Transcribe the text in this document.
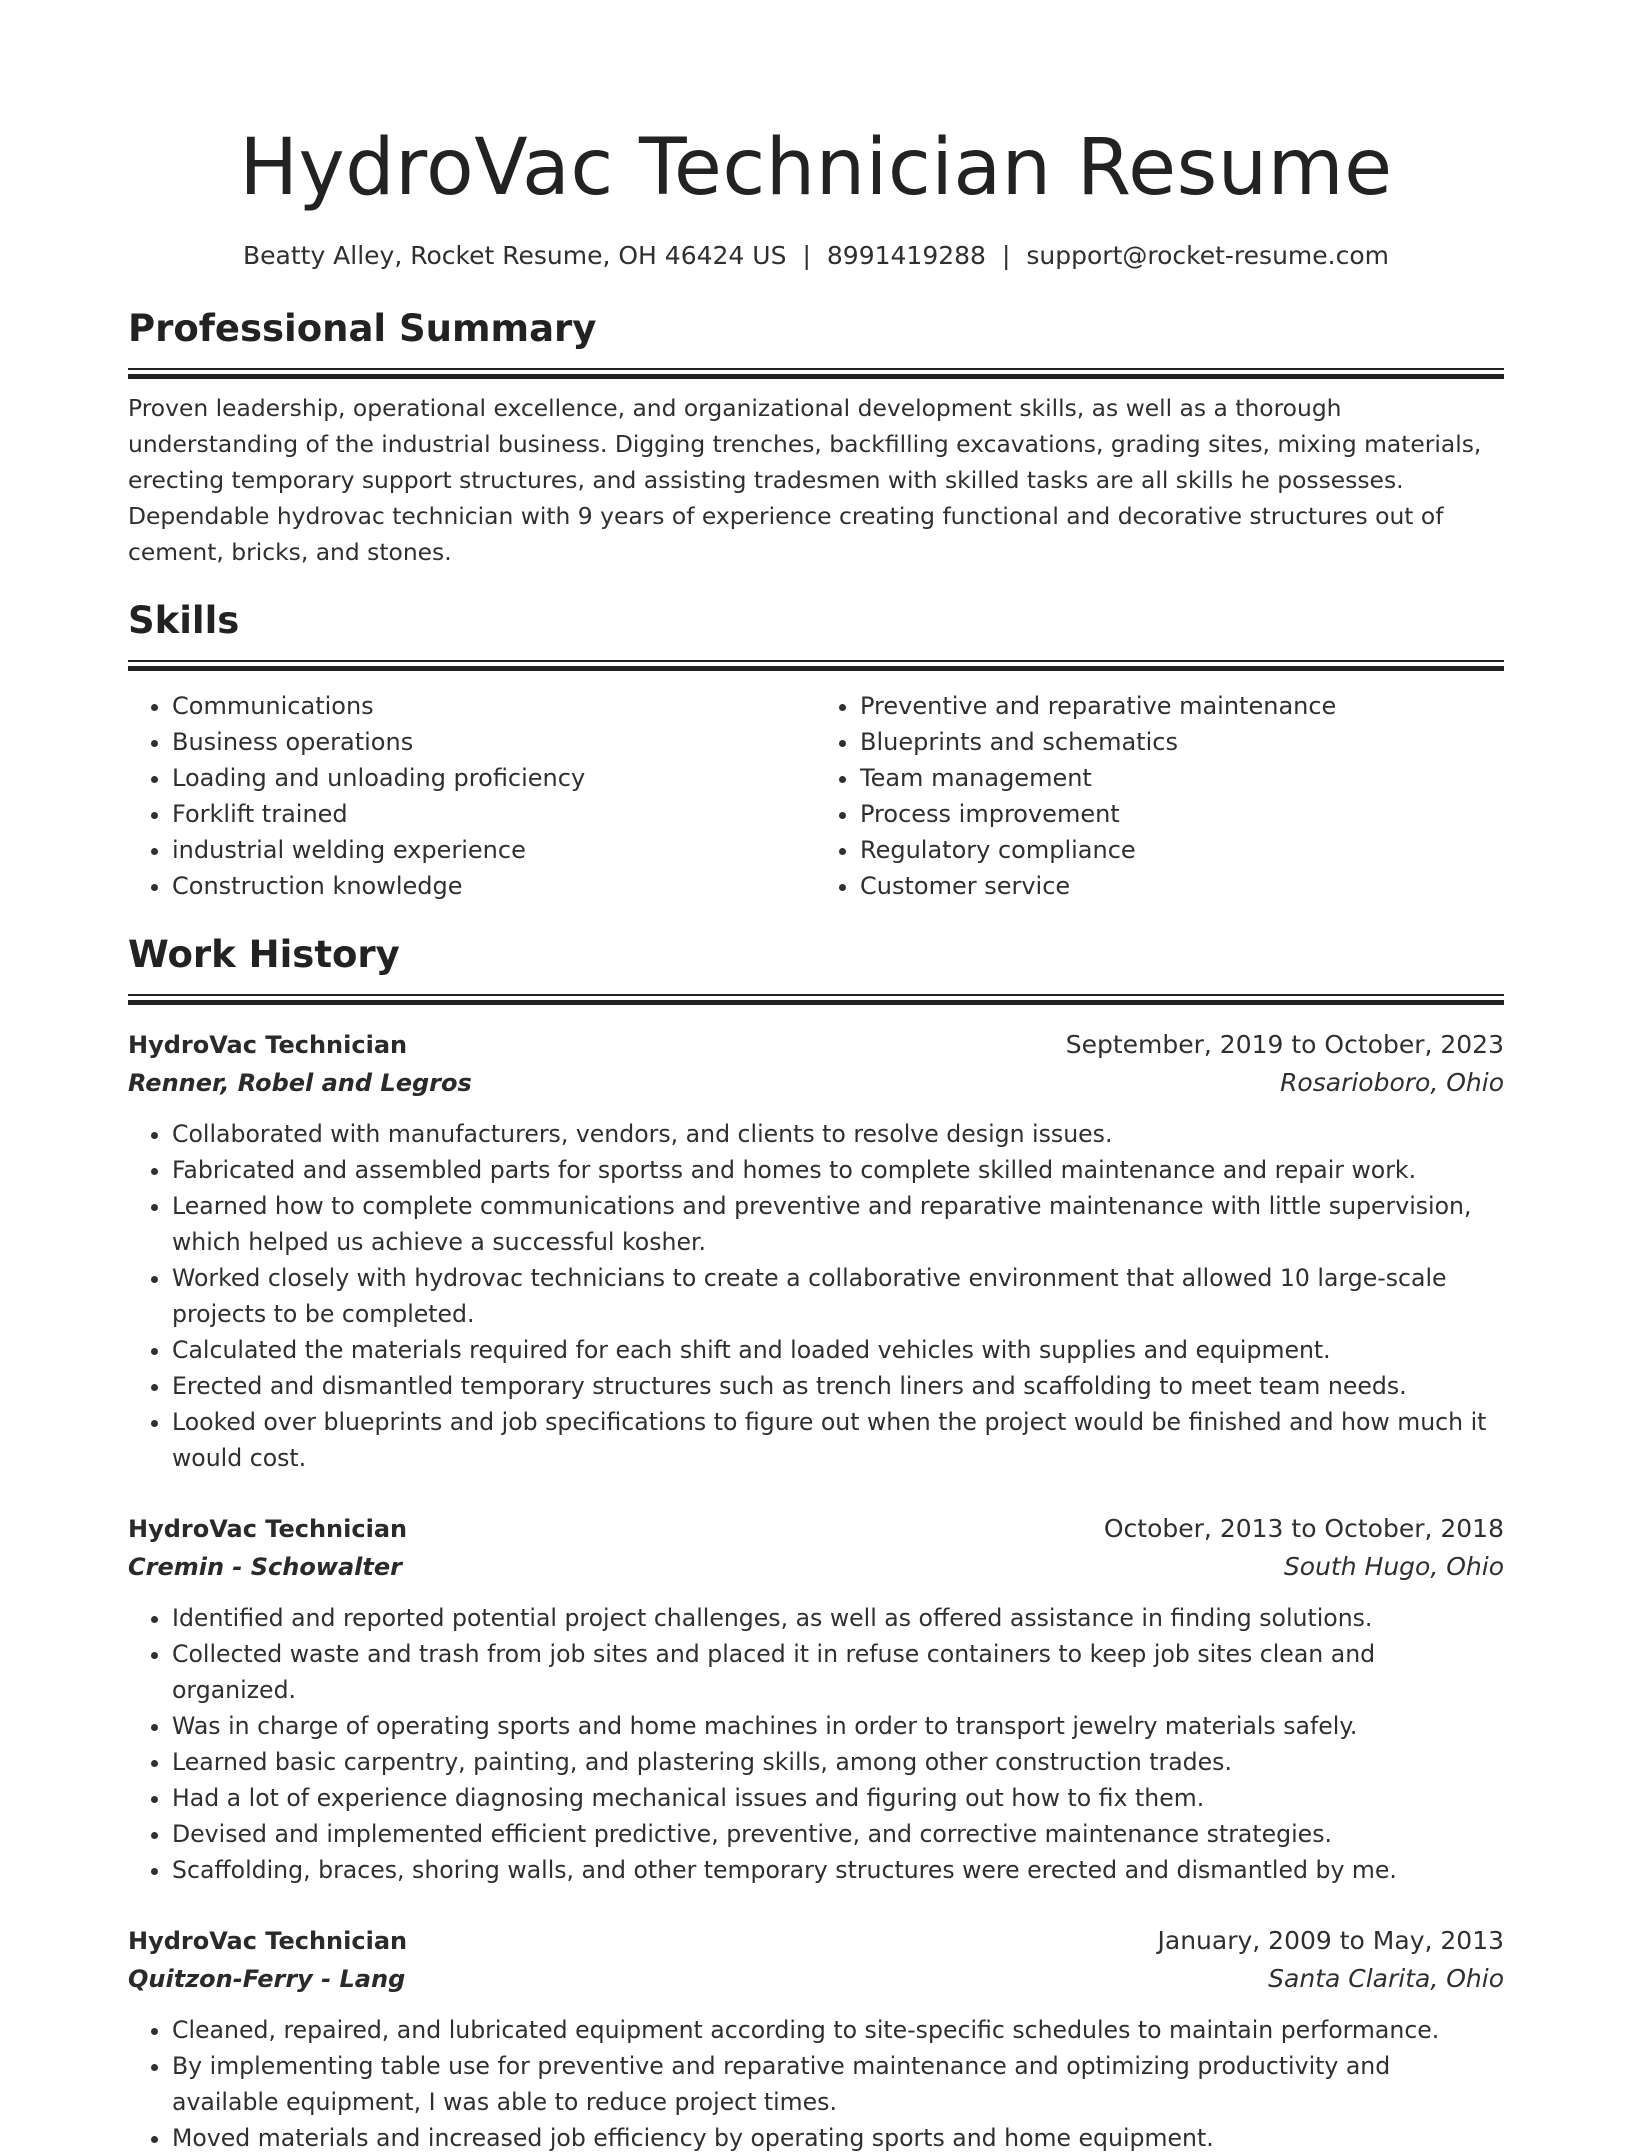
HydroVac Technician Resume
Beatty Alley, Rocket Resume, OH 46424 US | 8991419288 | support@rocket-resume.com
Professional Summary

Proven leadership, operational excellence, and organizational development skills, as well as a thorough understanding of the industrial business. Digging trenches, backfilling excavations, grading sites, mixing materials, erecting temporary support structures, and assisting tradesmen with skilled tasks are all skills he possesses. Dependable hydrovac technician with 9 years of experience creating functional and decorative structures out of cement, bricks, and stones.

Skills
• Communications
• Business operations
• Loading and unloading proficiency
• Forklift trained
• industrial welding experience
• Construction knowledge
• Preventive and reparative maintenance
• Blueprints and schematics
• Team management
• Process improvement
• Regulatory compliance
• Customer service
Work History
HydroVac Technician	September, 2019 to October, 2023
Renner, Robel and Legros	Rosarioboro, Ohio
• Collaborated with manufacturers, vendors, and clients to resolve design issues.
• Fabricated and assembled parts for sportss and homes to complete skilled maintenance and repair work.
• Learned how to complete communications and preventive and reparative maintenance with little supervision, which helped us achieve a successful kosher.
• Worked closely with hydrovac technicians to create a collaborative environment that allowed 10 large-scale projects to be completed.
• Calculated the materials required for each shift and loaded vehicles with supplies and equipment.
• Erected and dismantled temporary structures such as trench liners and scaffolding to meet team needs.
• Looked over blueprints and job specifications to figure out when the project would be finished and how much it would cost.
HydroVac Technician	October, 2013 to October, 2018
Cremin - Schowalter	South Hugo, Ohio
• Identified and reported potential project challenges, as well as offered assistance in finding solutions.
• Collected waste and trash from job sites and placed it in refuse containers to keep job sites clean and organized.
• Was in charge of operating sports and home machines in order to transport jewelry materials safely.
• Learned basic carpentry, painting, and plastering skills, among other construction trades.
• Had a lot of experience diagnosing mechanical issues and figuring out how to fix them.
• Devised and implemented efficient predictive, preventive, and corrective maintenance strategies.
• Scaffolding, braces, shoring walls, and other temporary structures were erected and dismantled by me.
HydroVac Technician	January, 2009 to May, 2013
Quitzon-Ferry - Lang	Santa Clarita, Ohio
• Cleaned, repaired, and lubricated equipment according to site-specific schedules to maintain performance.
• By implementing table use for preventive and reparative maintenance and optimizing productivity and available equipment, I was able to reduce project times.
• Moved materials and increased job efficiency by operating sports and home equipment.
